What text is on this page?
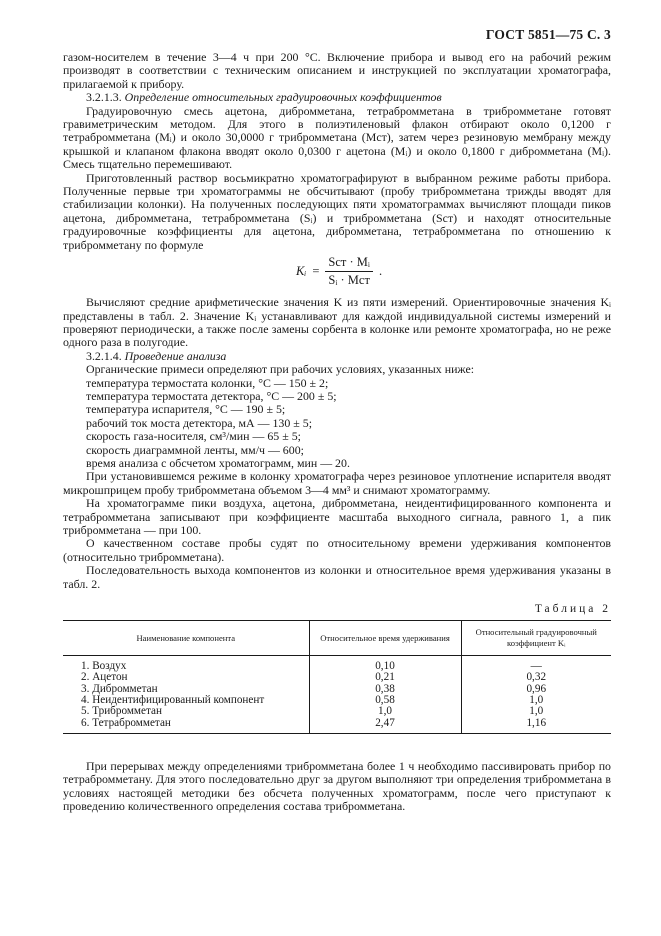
ГОСТ 5851—75 С. 3

газом-носителем в течение 3—4 ч при 200 °С. Включение прибора и вывод его на рабочий режим производят в соответствии с техническим описанием и инструкцией по эксплуатации хроматографа, прилагаемой к прибору.

3.2.1.3. Определение относительных градуировочных коэффициентов

Градуировочную смесь ацетона, дибромметана, тетрабромметана в трибромметане готовят гравиметрическим методом. Для этого в полиэтиленовый флакон отбирают около 0,1200 г тетрабромметана (Mᵢ) и около 30,0000 г трибромметана (Mст), затем через резиновую мембрану между крышкой и клапаном флакона вводят около 0,0300 г ацетона (Mᵢ) и около 0,1800 г дибромметана (Mᵢ). Смесь тщательно перемешивают.

Приготовленный раствор восьмикратно хроматографируют в выбранном режиме работы прибора. Полученные первые три хроматограммы не обсчитывают (пробу трибромметана трижды вводят для стабилизации колонки). На полученных последующих пяти хроматограммах вычисляют площади пиков ацетона, дибромметана, тетрабромметана (Sᵢ) и трибромметана (Sст) и находят относительные градуировочные коэффициенты для ацетона, дибромметана, тетрабромметана по отношению к трибромметану по формуле

Kᵢ = $\frac{\text{Sст · Mᵢ}}{\text{Sᵢ · Mст}}$ .

Вычисляют средние арифметические значения K из пяти измерений. Ориентировочные значения Kᵢ представлены в табл. 2. Значение Kᵢ устанавливают для каждой индивидуальной системы измерений и проверяют периодически, а также после замены сорбента в колонке или ремонте хроматографа, но не реже одного раза в полугодие.

3.2.1.4. Проведение анализа

Органические примеси определяют при рабочих условиях, указанных ниже:

температура термостата колонки, °С — 150 ± 2;

температура термостата детектора, °С — 200 ± 5;

температура испарителя, °С — 190 ± 5;

рабочий ток моста детектора, мА — 130 ± 5;

скорость газа-носителя, см³/мин — 65 ± 5;

скорость диаграммной ленты, мм/ч — 600;

время анализа с обсчетом хроматограмм, мин — 20.

При установившемся режиме в колонку хроматографа через резиновое уплотнение испарителя вводят микрошприцем пробу трибромметана объемом 3—4 мм³ и снимают хроматограмму.

На хроматограмме пики воздуха, ацетона, дибромметана, неидентифицированного компонента и тетрабромметана записывают при коэффициенте масштаба выходного сигнала, равного 1, а пик трибромметана — при 100.

О качественном составе пробы судят по относительному времени удерживания компонентов (относительно трибромметана).

Последовательность выхода компонентов из колонки и относительное время удерживания указаны в табл. 2.

Таблица 2
Наименование компонента	Относительное время удерживания	Относительный градуировочный коэффициент Kᵢ
1. Воздух	0,10	—
2. Ацетон	0,21	0,32
3. Дибромметан	0,38	0,96
4. Неидентифицированный компонент	0,58	1,0
5. Трибромметан	1,0	1,0
6. Тетрабромметан	2,47	1,16

При перерывах между определениями трибромметана более 1 ч необходимо пассивировать прибор по тетрабромметану. Для этого последовательно друг за другом выполняют три определения трибромметана в условиях настоящей методики без обсчета полученных хроматограмм, после чего приступают к проведению количественного определения состава трибромметана.
